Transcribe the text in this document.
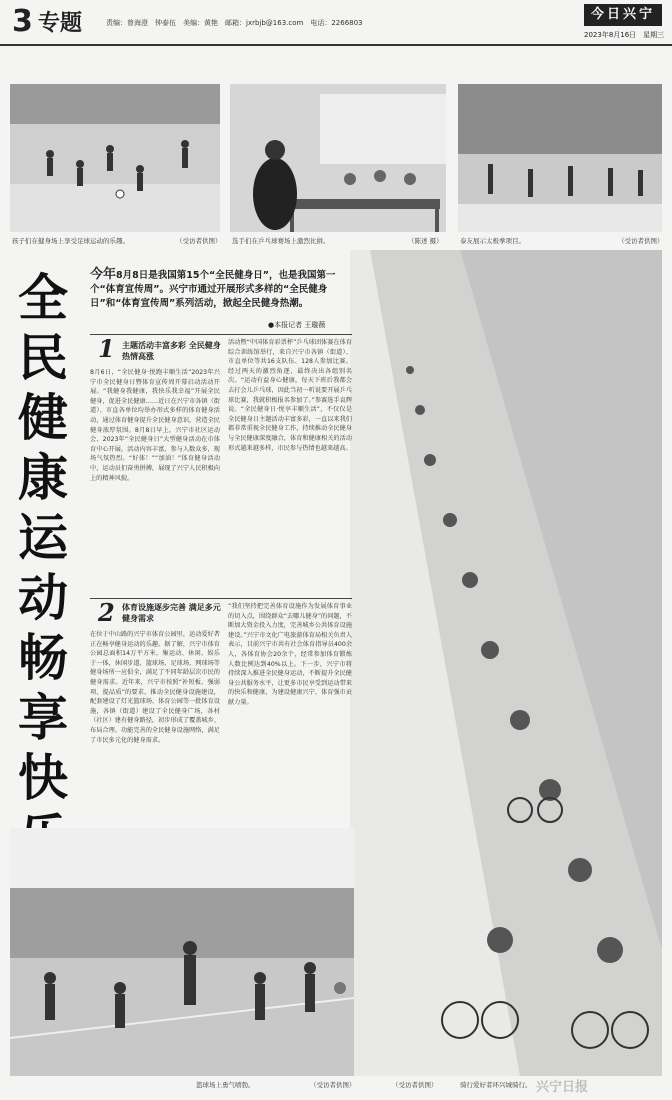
3 专题	责编：曾海澄　钟泰伍　美编：黄艳　邮箱：jxrbjb@163.com　电话：2266803
今日兴宁
2023年8月16日　星期三
孩子们在健身场上享受足球运动的乐趣。	（受访者供图） 选手们在乒乓球赛场上激烈比拼。	（陈述 摄）	泰友展示太极拳项目。	（受访者供图）
全民健康运动畅享快
今年8月8日是我国第15个“全民健身日”，也是我国第一个“体育宣传周”。兴宁市通过开展形式多样的“全民健身日”和“体育宣传周”系列活动，掀起全民健身热潮。
●本报记者 王璇薇
1 主题活动丰富多彩 全民健身热情高涨
8月6日，“全民健身·悦跑丰顺生活”2023年兴宁市全民健身日暨体育宣传周开幕启动活动开展。“我健身我健康，我快乐我幸福”开展全民健身，促进全民健康……近日在兴宁市各镇（街道）、市直各单位均举办形式多样的体育健身活动，通过体育健身提升全民健身意识，营造全民健身浓厚氛围。8月8日早上，兴宁市社区运动会、2023年“全民健身日”大型健身活动在市体育中心开展。活动内容丰富，参与人数众多，现场气氛热烈。“好体！”“加油！”体育健身活动中，运动员们奋勇拼搏，展现了兴宁人民积极向上的精神风貌。
活动暨“中国体育彩票杯”乒乓球团体赛在体育综合训练馆举行，来自兴宁市各镇（街道）、市直单位等共16支队伍、128人参加比赛。经过两天的激烈角逐，最终决出各组别名次。“运动有益身心健康，每天下班后我都会去打会儿乒乓球，因此当初一听说要开展乒乓球比赛，我就积极报名参加了。”参赛选手袁辉说。“全民健身日·悦享丰顺生活”，不仅仅是全民健身日主题活动丰富多彩，一直以来我们都非常重视全民健身工作，持续推动全民健身与全民健康深度融合，体育和健康相关的活动形式越来越多样，市民参与热情也越来越高。
2 体育设施逐步完善 满足多元健身需求
在位于中山路的兴宁市体育公园里，运动爱好者正在畅享健身运动的乐趣。据了解，兴宁市体育公园总面积14万平方米，集运动、休闲、娱乐于一体，休闲步道、篮球场、足球场、网球场等健身场所一应俱全，满足了不同年龄层次市民的健身需求。近年来，兴宁市按照“补短板、强弱项、提品质”的要求，推动全民健身设施建设，配套建设了灯光篮球场、体育公园等一批体育设施，各镇（街道）建设了全民健身广场，各村（社区）建有健身路径，初步形成了覆盖城乡、布局合理、功能完善的全民健身设施网络，满足了市民多元化的健身需求。
“我们坚持把完善体育设施作为发展体育事业的切入点，围绕群众“去哪儿健身”的问题，不断加大资金投入力度，完善城乡公共体育设施建设。”兴宁市文化广电旅游体育局相关负责人表示，目前兴宁市共有社会体育指导员400余人，各体育协会20余个，经常参加体育锻炼人数比例达到40%以上。下一步，兴宁市将持续深入推进全民健身运动，不断提升全民健身公共服务水平，让更多市民享受到运动带来的快乐和健康，为建设健康兴宁、体育强市贡献力量。
篮球场上勇气喷勃。	（受访者供图）	骑行爱好者环兴城骑行。
（受访者供图）	兴宁日报
